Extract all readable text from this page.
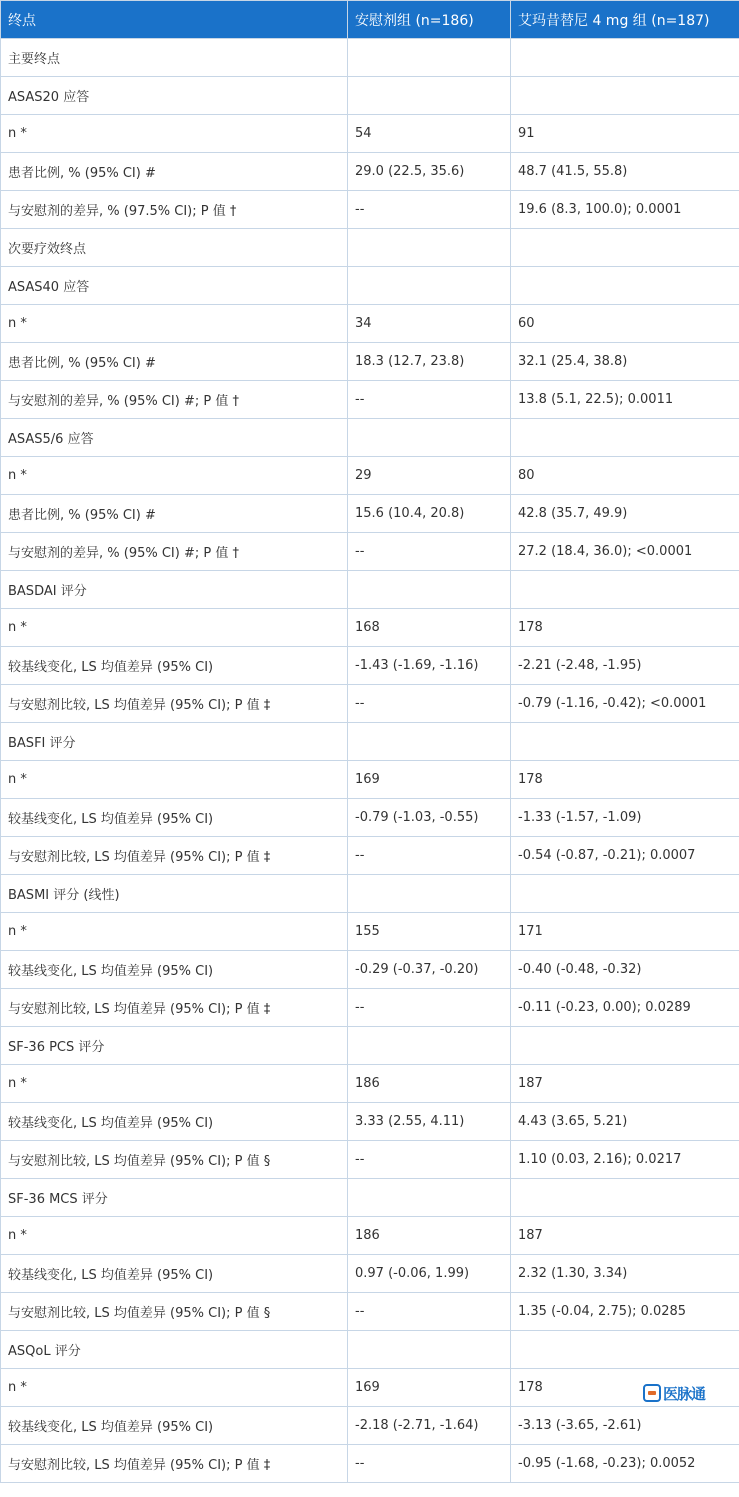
终点	安慰剂组 (n=186)	艾玛昔替尼 4 mg 组 (n=187)
主要终点		
ASAS20 应答		
n *	54	91
患者比例, % (95% CI) #	29.0 (22.5, 35.6)	48.7 (41.5, 55.8)
与安慰剂的差异, % (97.5% CI); P 值 †	--	19.6 (8.3, 100.0); 0.0001
次要疗效终点		
ASAS40 应答		
n *	34	60
患者比例, % (95% CI) #	18.3 (12.7, 23.8)	32.1 (25.4, 38.8)
与安慰剂的差异, % (95% CI) #; P 值 †	--	13.8 (5.1, 22.5); 0.0011
ASAS5/6 应答		
n *	29	80
患者比例, % (95% CI) #	15.6 (10.4, 20.8)	42.8 (35.7, 49.9)
与安慰剂的差异, % (95% CI) #; P 值 †	--	27.2 (18.4, 36.0); <0.0001
BASDAI 评分		
n *	168	178
较基线变化, LS 均值差异 (95% CI)	-1.43 (-1.69, -1.16)	-2.21 (-2.48, -1.95)
与安慰剂比较, LS 均值差异 (95% CI); P 值 ‡	--	-0.79 (-1.16, -0.42); <0.0001
BASFI 评分		
n *	169	178
较基线变化, LS 均值差异 (95% CI)	-0.79 (-1.03, -0.55)	-1.33 (-1.57, -1.09)
与安慰剂比较, LS 均值差异 (95% CI); P 值 ‡	--	-0.54 (-0.87, -0.21); 0.0007
BASMI 评分 (线性)		
n *	155	171
较基线变化, LS 均值差异 (95% CI)	-0.29 (-0.37, -0.20)	-0.40 (-0.48, -0.32)
与安慰剂比较, LS 均值差异 (95% CI); P 值 ‡	--	-0.11 (-0.23, 0.00); 0.0289
SF-36 PCS 评分		
n *	186	187
较基线变化, LS 均值差异 (95% CI)	3.33 (2.55, 4.11)	4.43 (3.65, 5.21)
与安慰剂比较, LS 均值差异 (95% CI); P 值 §	--	1.10 (0.03, 2.16); 0.0217
SF-36 MCS 评分		
n *	186	187
较基线变化, LS 均值差异 (95% CI)	0.97 (-0.06, 1.99)	2.32 (1.30, 3.34)
与安慰剂比较, LS 均值差异 (95% CI); P 值 §	--	1.35 (-0.04, 2.75); 0.0285
ASQoL 评分		
n *	169	178
较基线变化, LS 均值差异 (95% CI)	-2.18 (-2.71, -1.64)	-3.13 (-3.65, -2.61)
与安慰剂比较, LS 均值差异 (95% CI); P 值 ‡	--	-0.95 (-1.68, -0.23); 0.0052
医脉通
